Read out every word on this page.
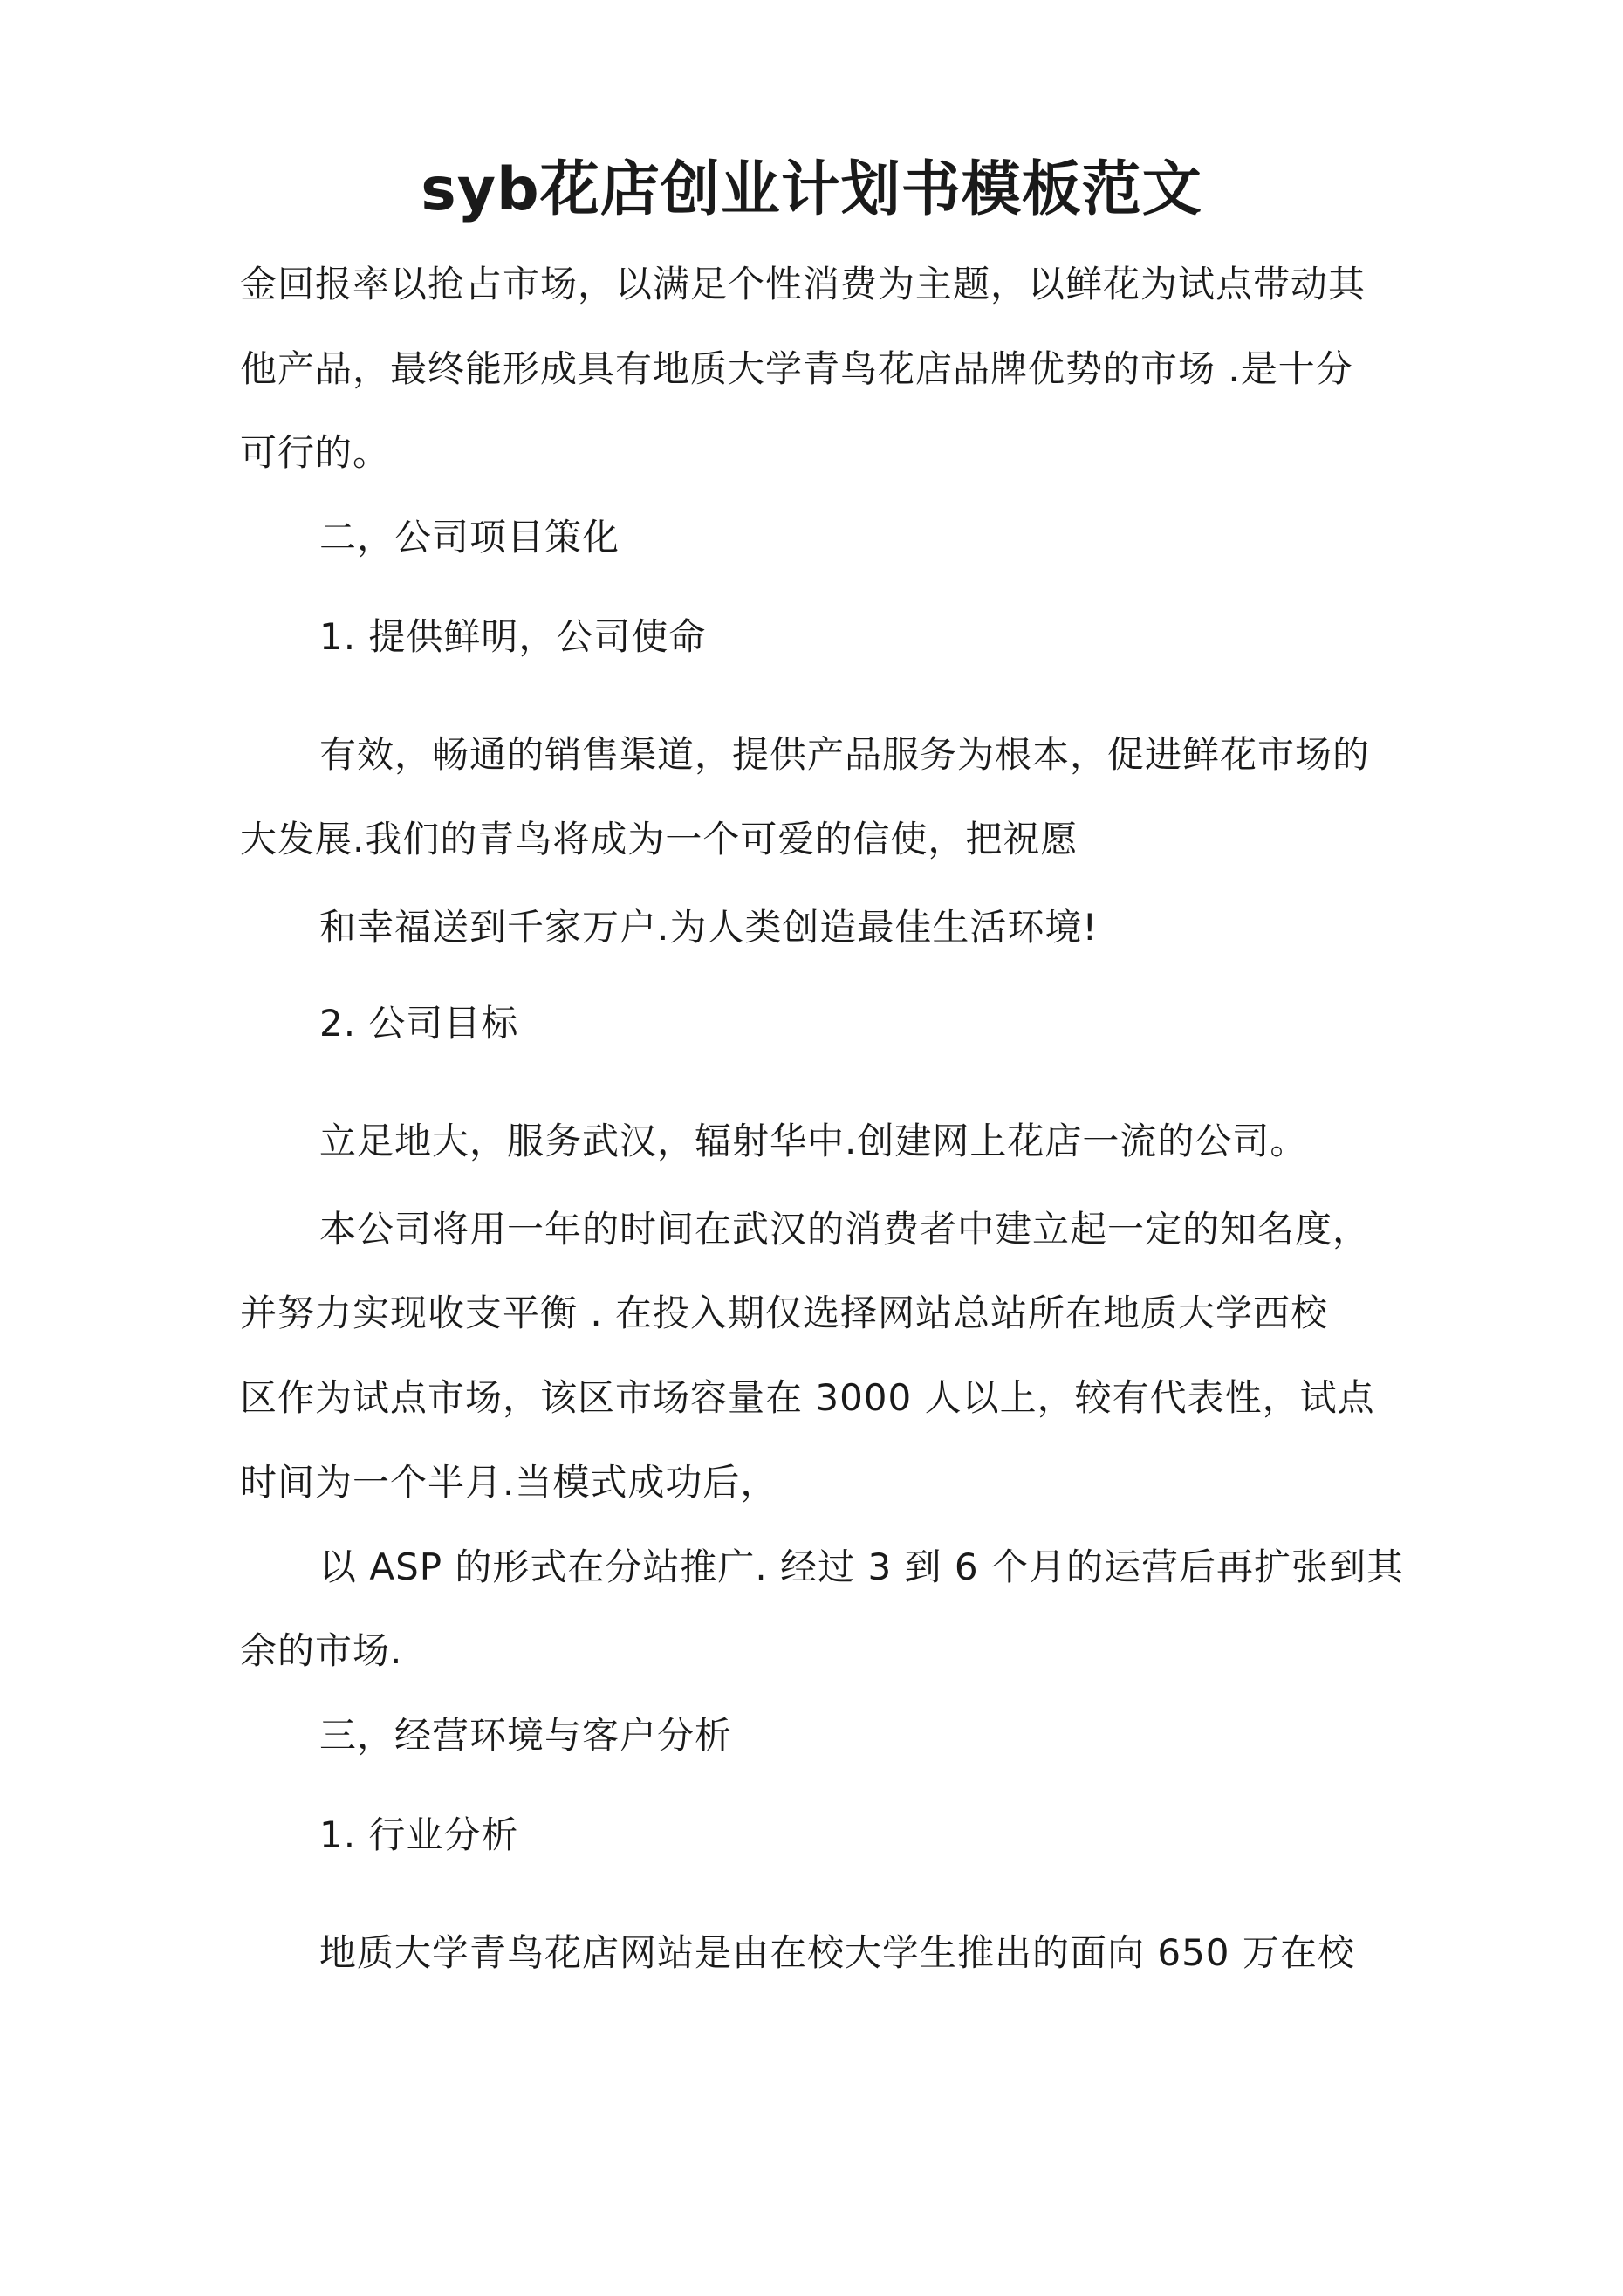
syb花店创业计划书模板范文
金回报率以抢占市场，以满足个性消费为主题，以鲜花为试点带动其
他产品，最终能形成具有地质大学青鸟花店品牌优势的市场 .是十分
可行的。
二，公司项目策化
1. 提供鲜明，公司使命
有效，畅通的销售渠道，提供产品服务为根本，促进鲜花市场的
大发展.我们的青鸟将成为一个可爱的信使，把祝愿
和幸福送到千家万户.为人类创造最佳生活环境!
2. 公司目标
立足地大，服务武汉，辐射华中.创建网上花店一流的公司。
本公司将用一年的时间在武汉的消费者中建立起一定的知名度，
并努力实现收支平衡 . 在投入期仅选择网站总站所在地质大学西校
区作为试点市场，该区市场容量在 3000 人以上，较有代表性，试点
时间为一个半月.当模式成功后，
以 ASP 的形式在分站推广. 经过 3 到 6 个月的运营后再扩张到其
余的市场.
三，经营环境与客户分析
1. 行业分析
地质大学青鸟花店网站是由在校大学生推出的面向 650 万在校
